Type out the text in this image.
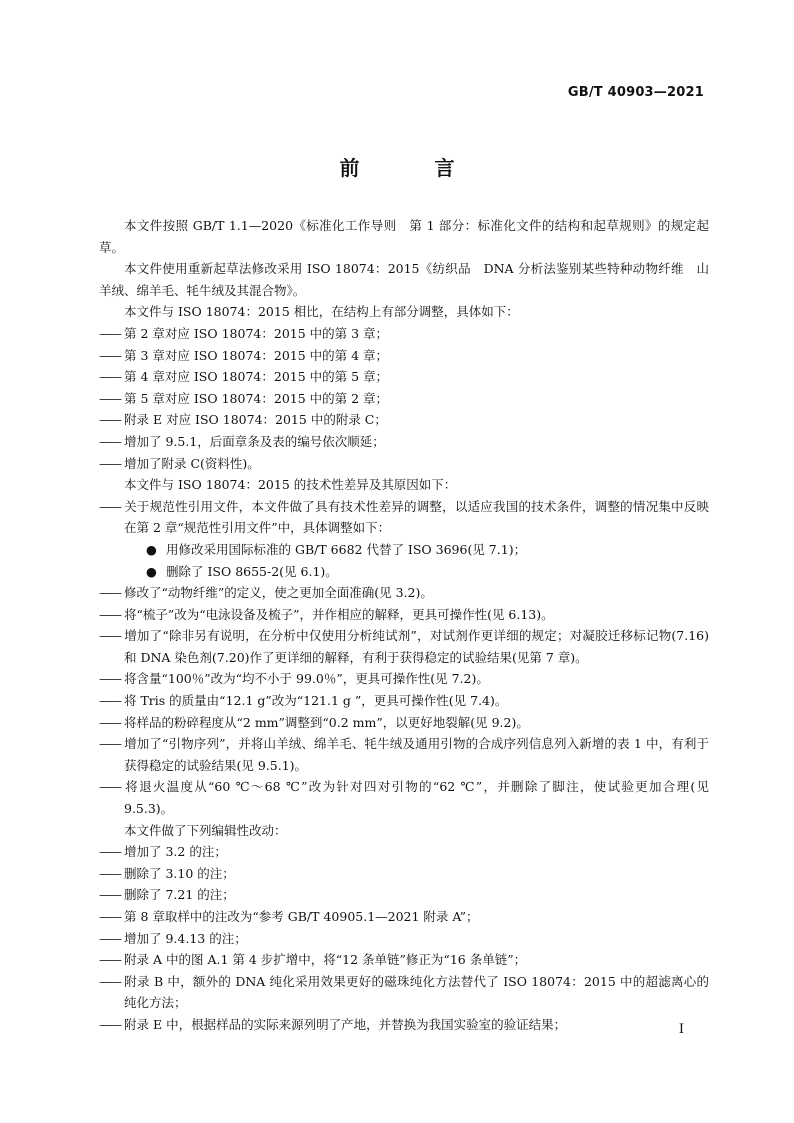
GB/T 40903—2021
前 言

本文件按照 GB/T 1.1—2020《标准化工作导则　第 1 部分：标准化文件的结构和起草规则》的规定起草。

本文件使用重新起草法修改采用 ISO 18074：2015《纺织品　DNA 分析法鉴别某些特种动物纤维　山羊绒、绵羊毛、牦牛绒及其混合物》。

本文件与 ISO 18074：2015 相比，在结构上有部分调整，具体如下：

—— 第 2 章对应 ISO 18074：2015 中的第 3 章；

—— 第 3 章对应 ISO 18074：2015 中的第 4 章；

—— 第 4 章对应 ISO 18074：2015 中的第 5 章；

—— 第 5 章对应 ISO 18074：2015 中的第 2 章；

—— 附录 E 对应 ISO 18074：2015 中的附录 C；

—— 增加了 9.5.1，后面章条及表的编号依次顺延；

—— 增加了附录 C(资料性)。

本文件与 ISO 18074：2015 的技术性差异及其原因如下：

—— 关于规范性引用文件，本文件做了具有技术性差异的调整，以适应我国的技术条件，调整的情况集中反映在第 2 章“规范性引用文件”中，具体调整如下：

● 用修改采用国际标准的 GB/T 6682 代替了 ISO 3696(见 7.1)；

● 删除了 ISO 8655-2(见 6.1)。

—— 修改了“动物纤维”的定义，使之更加全面准确(见 3.2)。

—— 将“梳子”改为“电泳设备及梳子”，并作相应的解释，更具可操作性(见 6.13)。

—— 增加了“除非另有说明，在分析中仅使用分析纯试剂”，对试剂作更详细的规定；对凝胶迁移标记物(7.16)和 DNA 染色剂(7.20)作了更详细的解释，有利于获得稳定的试验结果(见第 7 章)。

—— 将含量“100％”改为“均不小于 99.0％”，更具可操作性(见 7.2)。

—— 将 Tris 的质量由“12.1 g”改为“121.1 g ”，更具可操作性(见 7.4)。

—— 将样品的粉碎程度从“2 mm”调整到“0.2 mm”，以更好地裂解(见 9.2)。

—— 增加了“引物序列”，并将山羊绒、绵羊毛、牦牛绒及通用引物的合成序列信息列入新增的表 1 中，有利于获得稳定的试验结果(见 9.5.1)。

—— 将退火温度从“60 ℃～68 ℃”改为针对四对引物的“62 ℃”，并删除了脚注，使试验更加合理(见 9.5.3)。

本文件做了下列编辑性改动：

—— 增加了 3.2 的注；

—— 删除了 3.10 的注；

—— 删除了 7.21 的注；

—— 第 8 章取样中的注改为“参考 GB/T 40905.1—2021 附录 A”；

—— 增加了 9.4.13 的注；

—— 附录 A 中的图 A.1 第 4 步扩增中，将“12 条单链”修正为“16 条单链”；

—— 附录 B 中，额外的 DNA 纯化采用效果更好的磁珠纯化方法替代了 ISO 18074：2015 中的超滤离心的纯化方法；

—— 附录 E 中，根据样品的实际来源列明了产地，并替换为我国实验室的验证结果；	I
